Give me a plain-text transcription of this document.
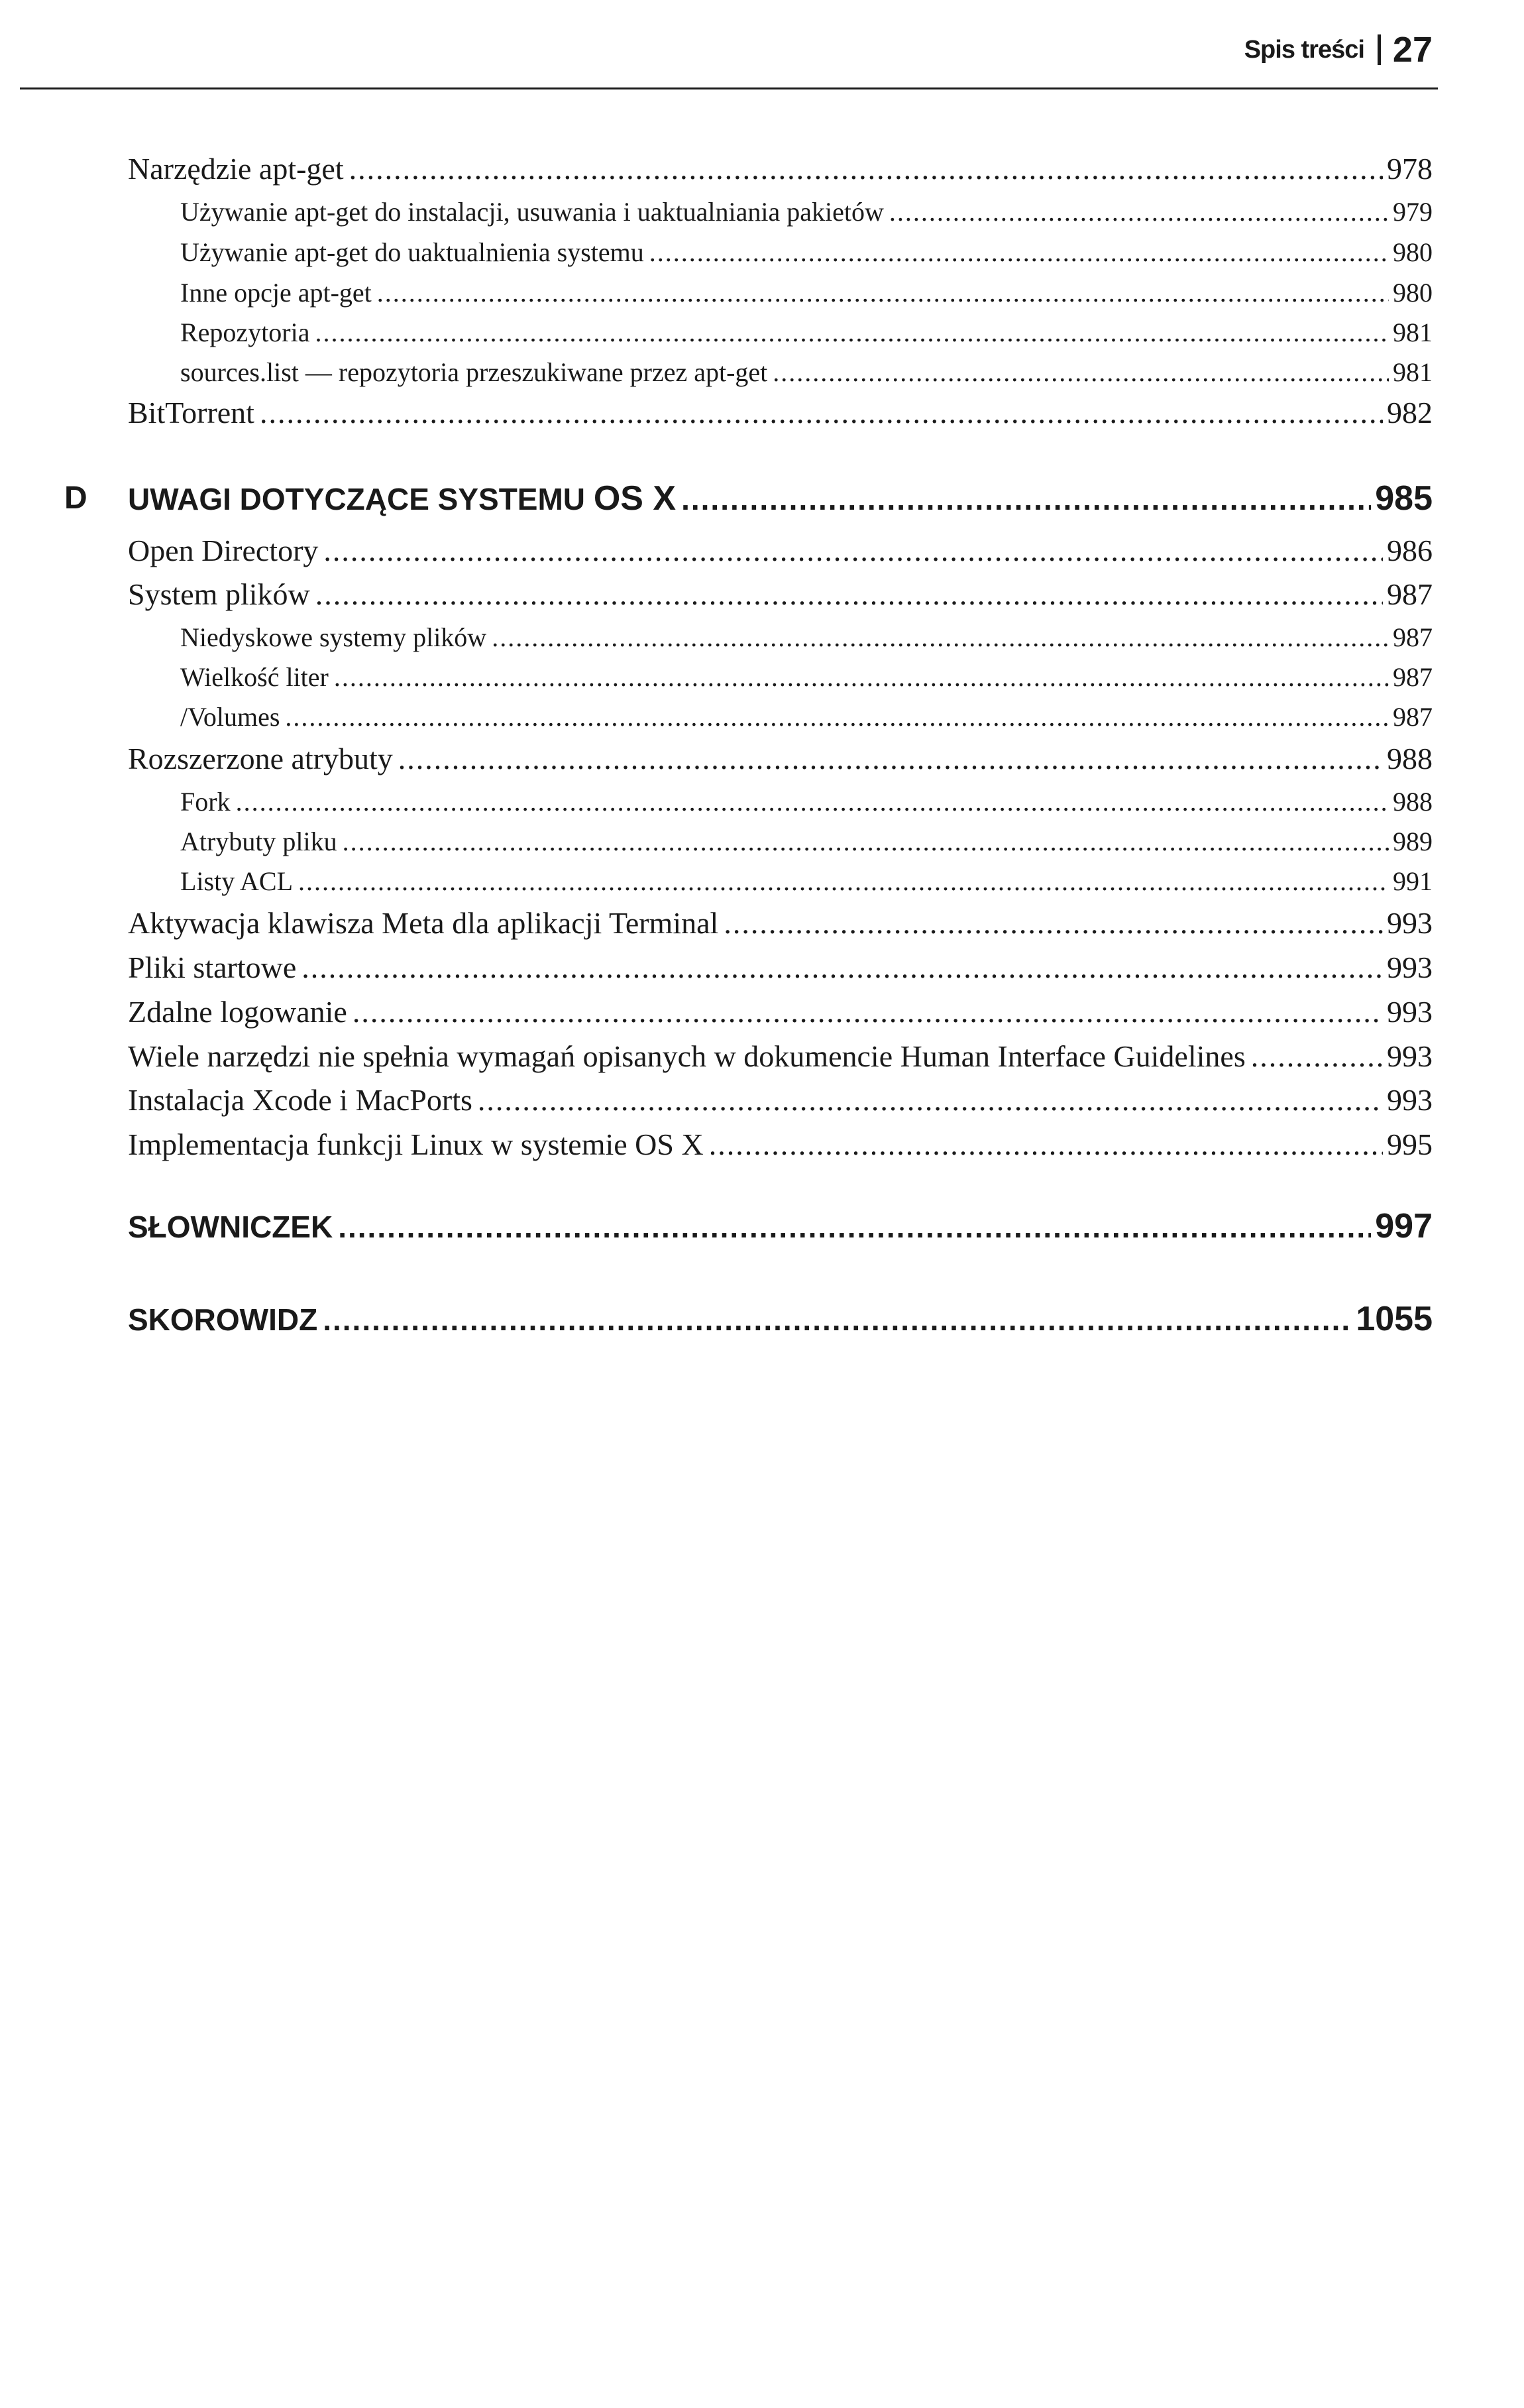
Spis treści 27
Narzędzie apt-get .....	978
Używanie apt-get do instalacji, usuwania i uaktualniania pakietów .....	979
Używanie apt-get do uaktualnienia systemu .....	980
Inne opcje apt-get .....	980
Repozytoria .....	981
sources.list — repozytoria przeszukiwane przez apt-get .....	981
BitTorrent .....	982
D UWAGI DOTYCZĄCE SYSTEMU OS X .....	985
Open Directory .....	986
System plików .....	987
Niedyskowe systemy plików .....	987
Wielkość liter .....	987
/Volumes .....	987
Rozszerzone atrybuty .....	988
Fork .....	988
Atrybuty pliku .....	989
Listy ACL .....	991
Aktywacja klawisza Meta dla aplikacji Terminal .....	993
Pliki startowe .....	993
Zdalne logowanie .....	993
Wiele narzędzi nie spełnia wymagań opisanych w dokumencie Human Interface Guidelines .....	993
Instalacja Xcode i MacPorts .....	993
Implementacja funkcji Linux w systemie OS X .....	995
SŁOWNICZEK .....	997
SKOROWIDZ .....	1055
